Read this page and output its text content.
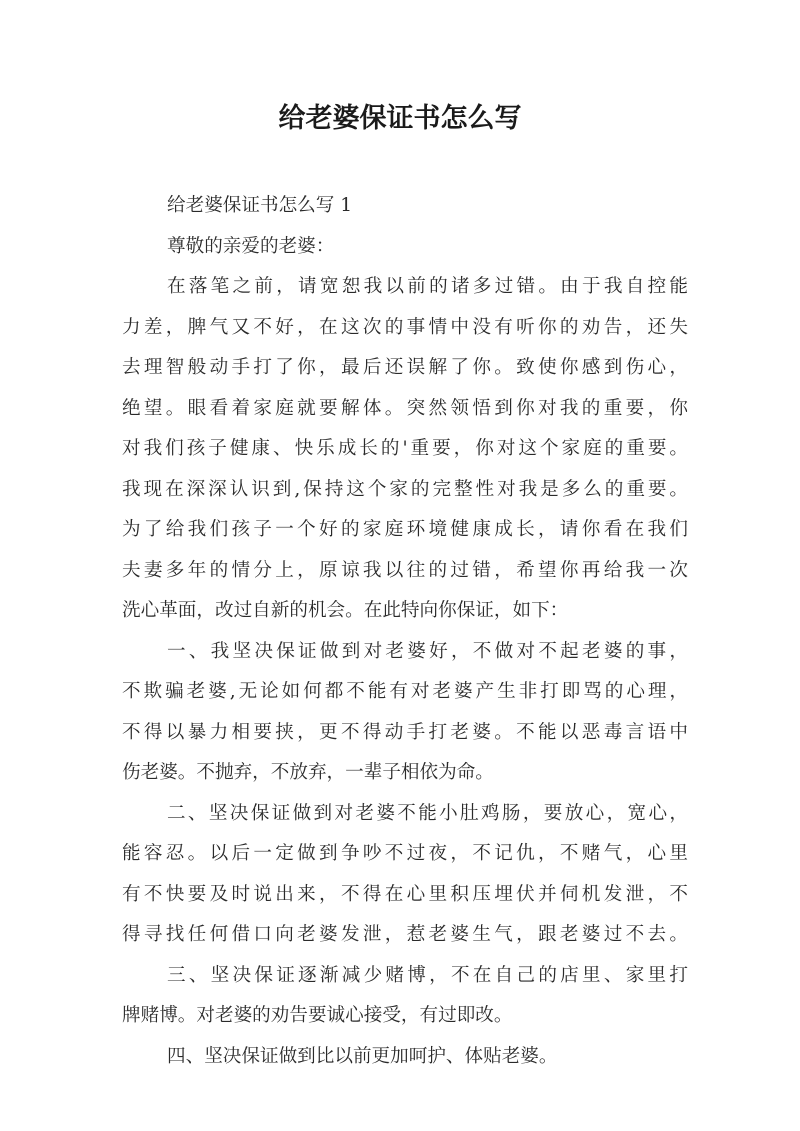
给老婆保证书怎么写
给老婆保证书怎么写 1
尊敬的亲爱的老婆：
在落笔之前，请宽恕我以前的诸多过错。由于我自控能
力差，脾气又不好，在这次的事情中没有听你的劝告，还失
去理智般动手打了你，最后还误解了你。致使你感到伤心，
绝望。眼看着家庭就要解体。突然领悟到你对我的重要，你
对我们孩子健康、快乐成长的'重要，你对这个家庭的重要。
我现在深深认识到,保持这个家的完整性对我是多么的重要。
为了给我们孩子一个好的家庭环境健康成长，请你看在我们
夫妻多年的情分上，原谅我以往的过错，希望你再给我一次
洗心革面，改过自新的机会。在此特向你保证，如下：
一、我坚决保证做到对老婆好，不做对不起老婆的事，
不欺骗老婆,无论如何都不能有对老婆产生非打即骂的心理，
不得以暴力相要挟，更不得动手打老婆。不能以恶毒言语中
伤老婆。不抛弃，不放弃，一辈子相依为命。
二、坚决保证做到对老婆不能小肚鸡肠，要放心，宽心，
能容忍。以后一定做到争吵不过夜，不记仇，不赌气，心里
有不快要及时说出来，不得在心里积压埋伏并伺机发泄，不
得寻找任何借口向老婆发泄，惹老婆生气，跟老婆过不去。
三、坚决保证逐渐减少赌博，不在自己的店里、家里打
牌赌博。对老婆的劝告要诚心接受，有过即改。
四、坚决保证做到比以前更加呵护、体贴老婆。
